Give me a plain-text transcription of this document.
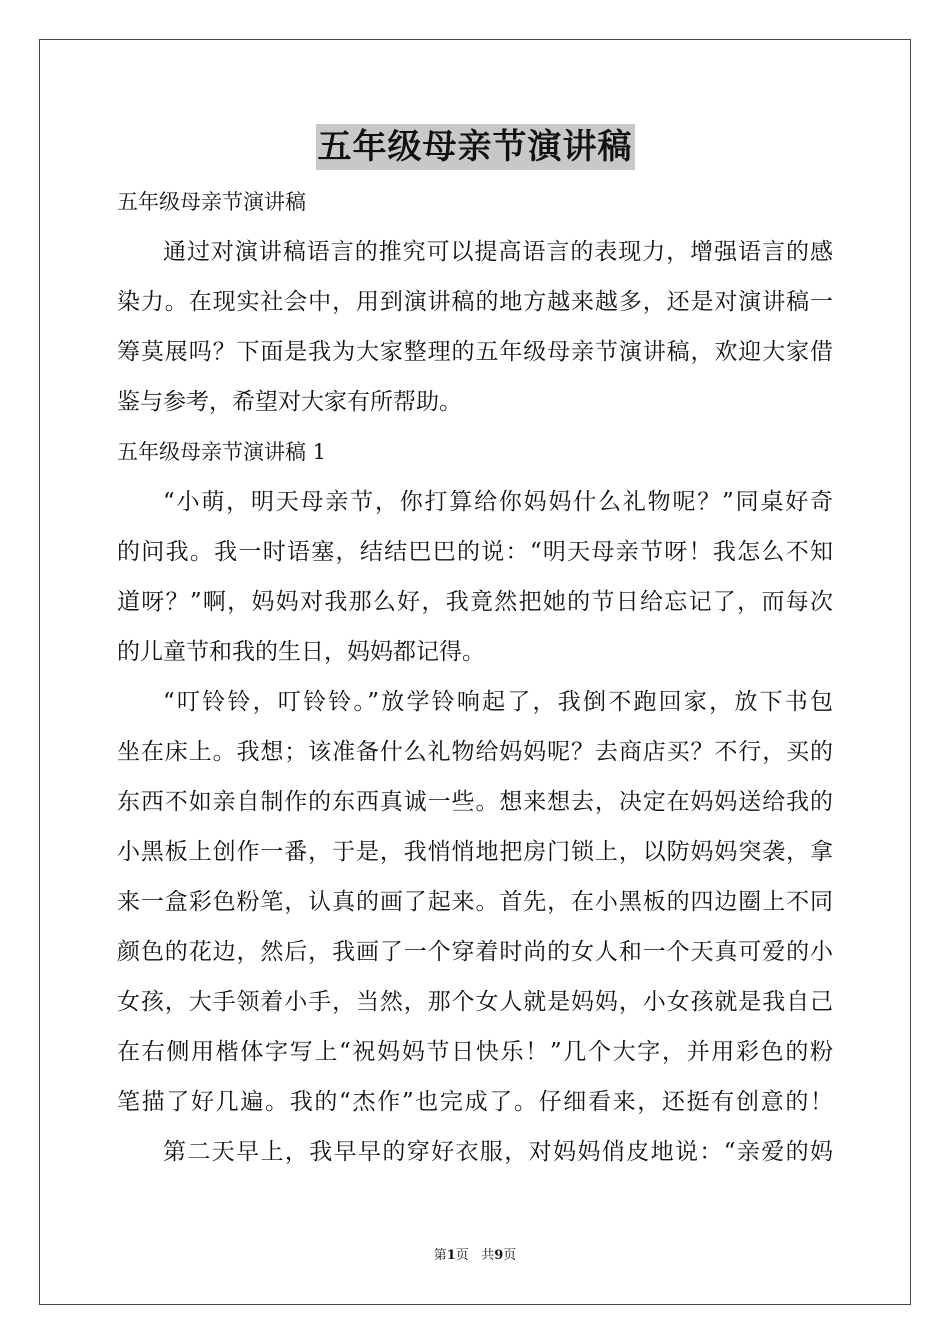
五年级母亲节演讲稿
五年级母亲节演讲稿
通过对演讲稿语言的推究可以提高语言的表现力，增强语言的感
染力。在现实社会中，用到演讲稿的地方越来越多，还是对演讲稿一
筹莫展吗？下面是我为大家整理的五年级母亲节演讲稿，欢迎大家借
鉴与参考，希望对大家有所帮助。
五年级母亲节演讲稿 1
“小萌，明天母亲节，你打算给你妈妈什么礼物呢？”同桌好奇
的问我。我一时语塞，结结巴巴的说：“明天母亲节呀！我怎么不知
道呀？”啊，妈妈对我那么好，我竟然把她的节日给忘记了，而每次
的儿童节和我的生日，妈妈都记得。
“叮铃铃，叮铃铃。”放学铃响起了，我倒不跑回家，放下书包
坐在床上。我想；该准备什么礼物给妈妈呢？去商店买？不行，买的
东西不如亲自制作的东西真诚一些。想来想去，决定在妈妈送给我的
小黑板上创作一番，于是，我悄悄地把房门锁上，以防妈妈突袭，拿
来一盒彩色粉笔，认真的画了起来。首先，在小黑板的四边圈上不同
颜色的花边，然后，我画了一个穿着时尚的女人和一个天真可爱的小
女孩，大手领着小手，当然，那个女人就是妈妈，小女孩就是我自己
在右侧用楷体字写上“祝妈妈节日快乐！”几个大字，并用彩色的粉
笔描了好几遍。我的“杰作”也完成了。仔细看来，还挺有创意的！
第二天早上，我早早的穿好衣服，对妈妈俏皮地说：“亲爱的妈
第1页 共9页
